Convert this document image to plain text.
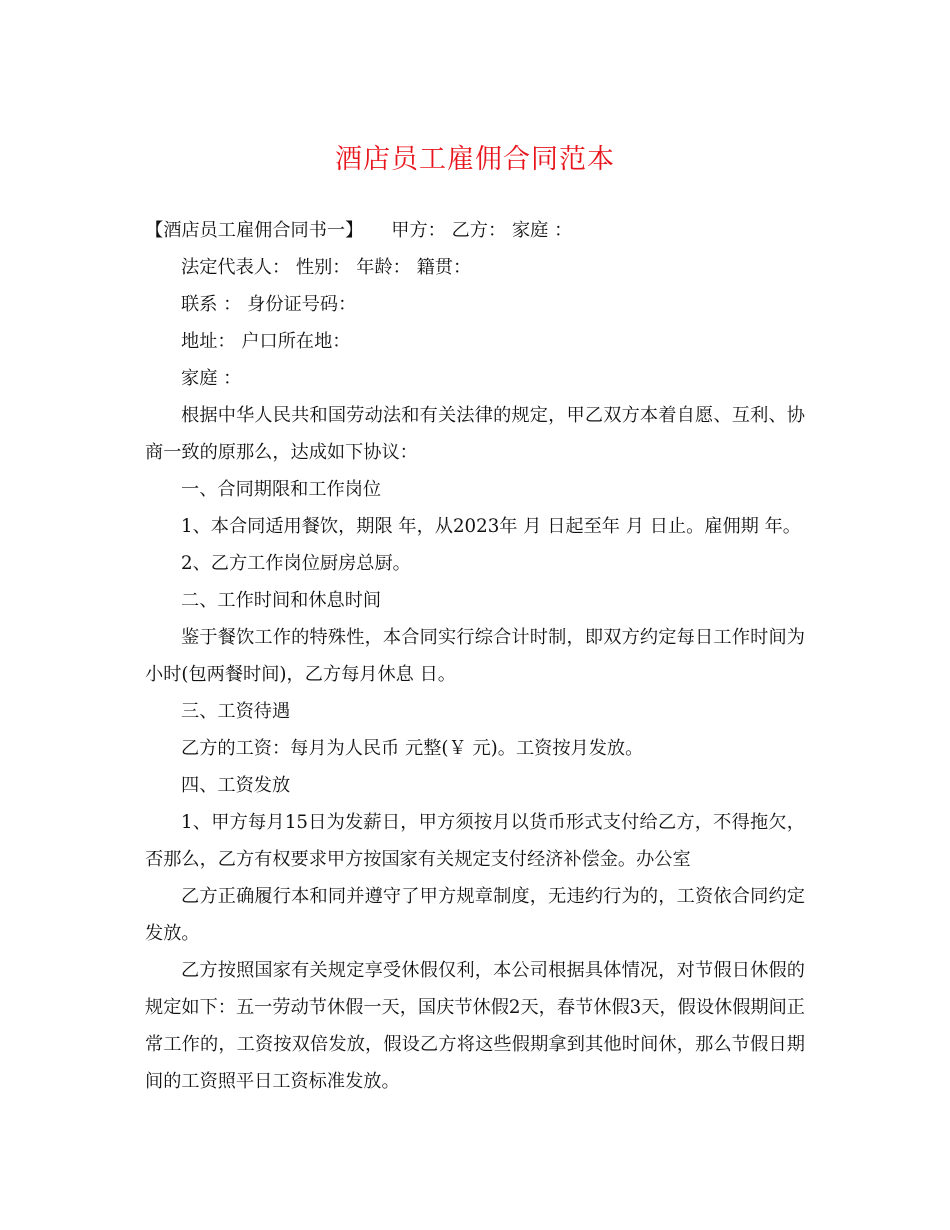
酒店员工雇佣合同范本

【酒店员工雇佣合同书一】 甲方： 乙方： 家庭 ：

法定代表人： 性别： 年龄： 籍贯：

联系 ： 身份证号码：

地址： 户口所在地：

家庭 ：

根据中华人民共和国劳动法和有关法律的规定，甲乙双方本着自愿、互利、协商一致的原那么，达成如下协议：

一、合同期限和工作岗位

1、本合同适用餐饮，期限 年，从2023年 月 日起至年 月 日止。雇佣期 年。

2、乙方工作岗位厨房总厨。

二、工作时间和休息时间

鉴于餐饮工作的特殊性，本合同实行综合计时制，即双方约定每日工作时间为 小时(包两餐时间)，乙方每月休息 日。

三、工资待遇

乙方的工资：每月为人民币 元整(￥ 元)。工资按月发放。

四、工资发放

1、甲方每月15日为发薪日，甲方须按月以货币形式支付给乙方，不得拖欠，否那么，乙方有权要求甲方按国家有关规定支付经济补偿金。办公室

乙方正确履行本和同并遵守了甲方规章制度，无违约行为的，工资依合同约定发放。

乙方按照国家有关规定享受休假仅利，本公司根据具体情况，对节假日休假的规定如下：五一劳动节休假一天，国庆节休假2天，春节休假3天，假设休假期间正常工作的，工资按双倍发放，假设乙方将这些假期拿到其他时间休，那么节假日期间的工资照平日工资标准发放。
